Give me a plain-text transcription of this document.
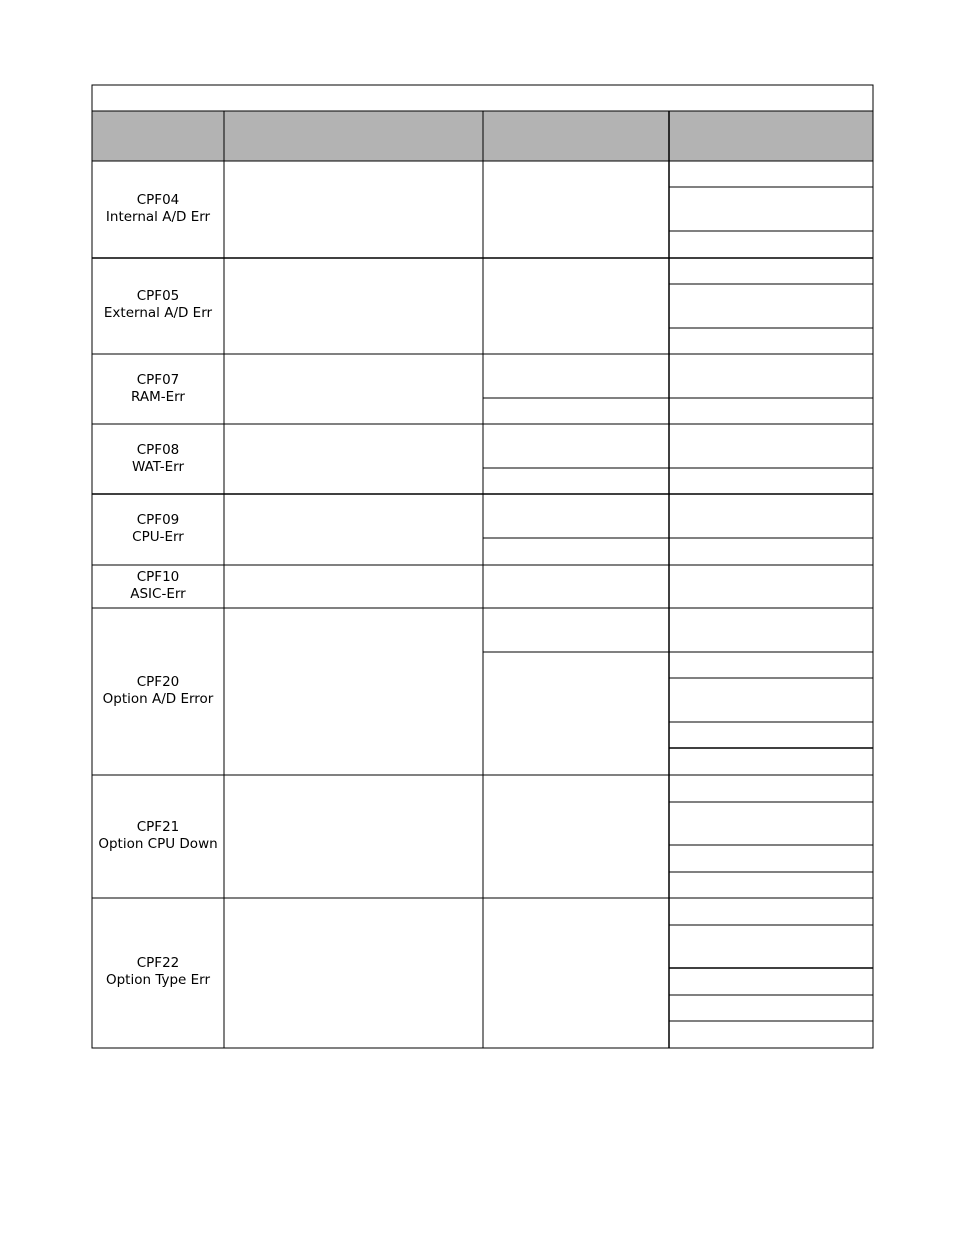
CPF04
Internal A/D Err
CPF05
External A/D Err
CPF07
RAM-Err
CPF08
WAT-Err
CPF09
CPU-Err
CPF10
ASIC-Err
CPF20
Option A/D Error
CPF21
Option CPU Down
CPF22
Option Type Err
